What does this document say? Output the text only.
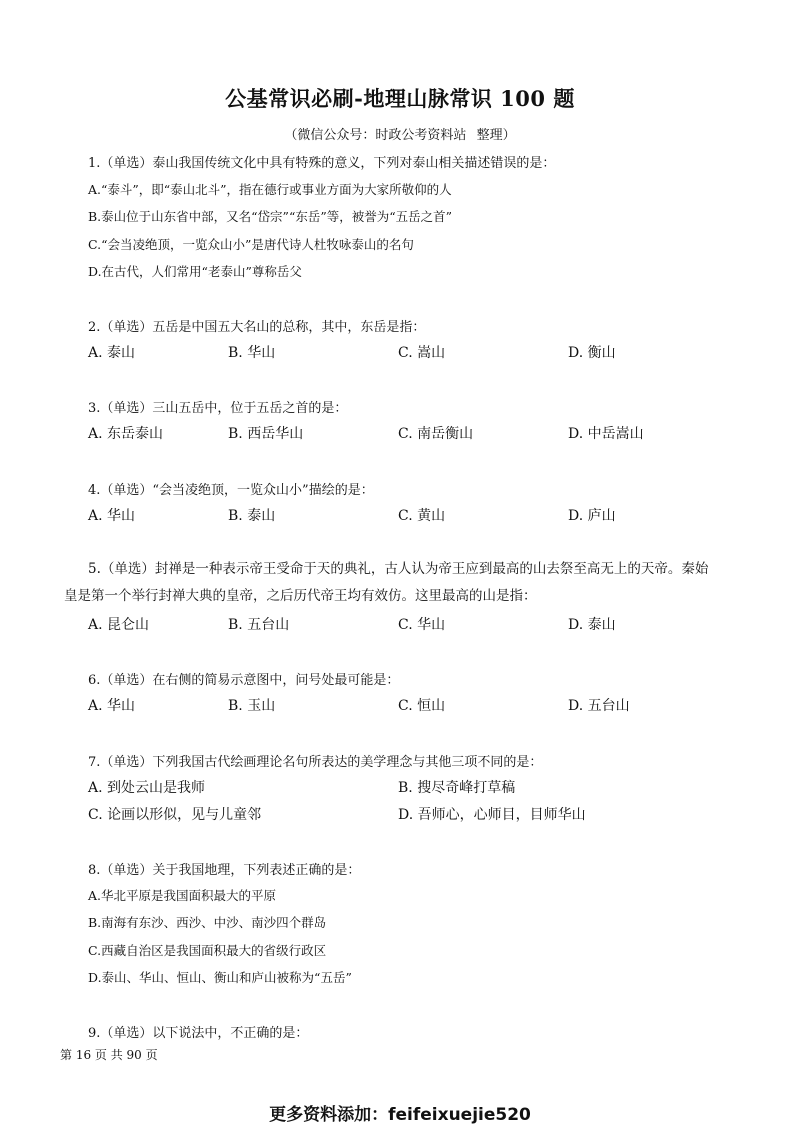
公基常识必刷-地理山脉常识 100 题
（微信公众号：时政公考资料站 整理）
1.（单选）泰山我国传统文化中具有特殊的意义，下列对泰山相关描述错误的是：
A.“泰斗”，即“泰山北斗”，指在德行或事业方面为大家所敬仰的人
B.泰山位于山东省中部，又名“岱宗”“东岳”等，被誉为“五岳之首”
C.“会当凌绝顶，一览众山小”是唐代诗人杜牧咏泰山的名句
D.在古代，人们常用“老泰山”尊称岳父
2.（单选）五岳是中国五大名山的总称，其中，东岳是指：
A. 泰山	B. 华山	C. 嵩山	D. 衡山
3.（单选）三山五岳中，位于五岳之首的是：
A. 东岳泰山	B. 西岳华山	C. 南岳衡山	D. 中岳嵩山
4.（单选）“会当凌绝顶，一览众山小”描绘的是：
A. 华山	B. 泰山	C. 黄山	D. 庐山
5.（单选）封禅是一种表示帝王受命于天的典礼，古人认为帝王应到最高的山去祭至高无上的天帝。秦始皇是第一个举行封禅大典的皇帝，之后历代帝王均有效仿。这里最高的山是指：
A. 昆仑山	B. 五台山	C. 华山	D. 泰山
6.（单选）在右侧的简易示意图中，问号处最可能是：
A. 华山	B. 玉山	C. 恒山	D. 五台山
7.（单选）下列我国古代绘画理论名句所表达的美学理念与其他三项不同的是：
A. 到处云山是我师	B. 搜尽奇峰打草稿
C. 论画以形似，见与儿童邻	D. 吾师心，心师目，目师华山
8.（单选）关于我国地理，下列表述正确的是：
A.华北平原是我国面积最大的平原
B.南海有东沙、西沙、中沙、南沙四个群岛
C.西藏自治区是我国面积最大的省级行政区
D.泰山、华山、恒山、衡山和庐山被称为“五岳”
9.（单选）以下说法中，不正确的是：
第 16 页 共 90 页
更多资料添加：feifeixuejie520
